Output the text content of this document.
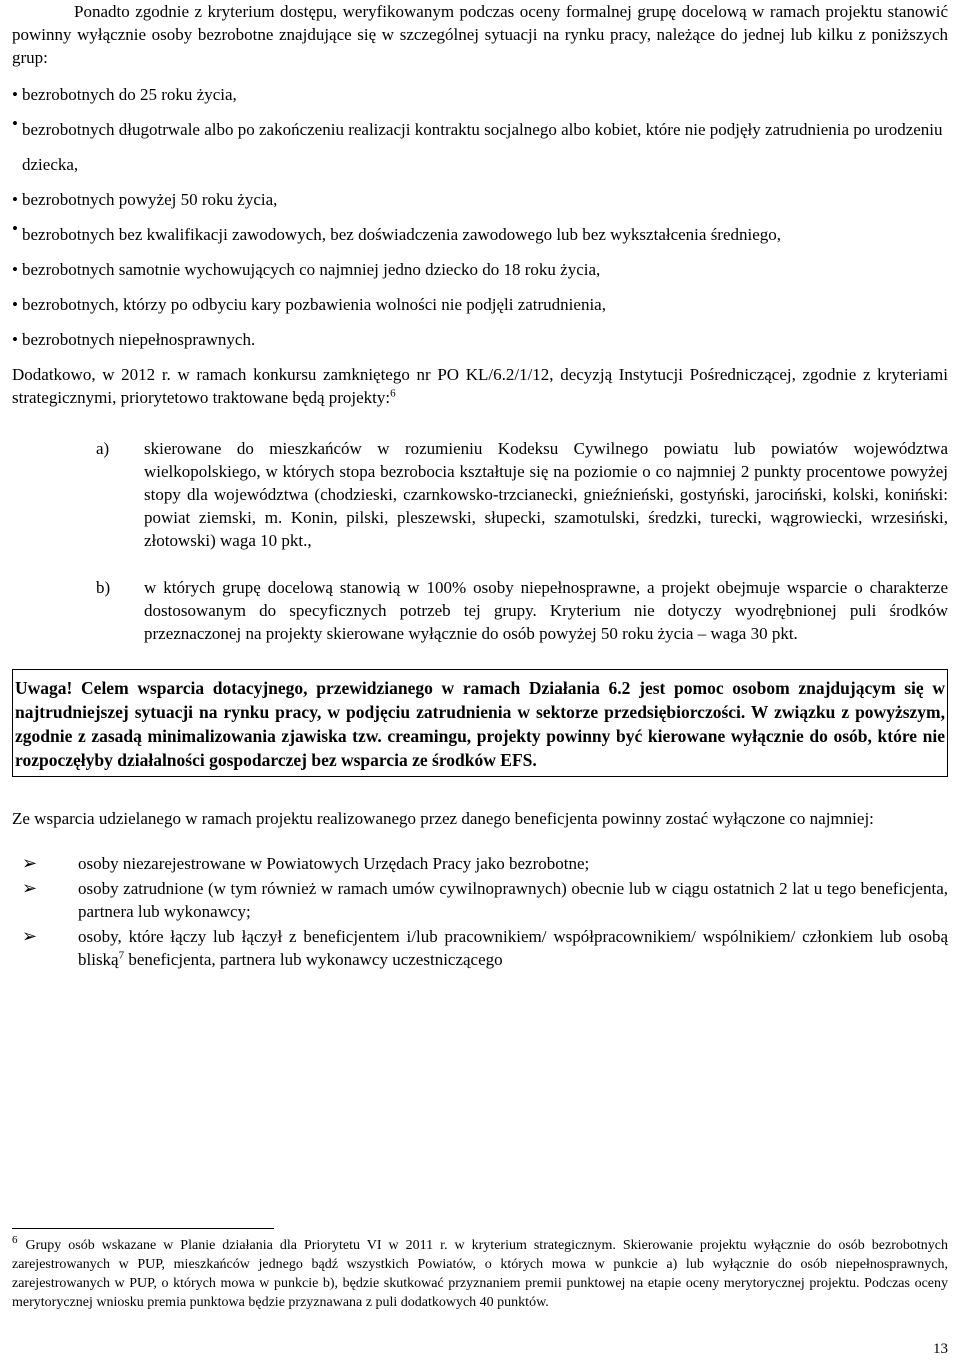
Ponadto zgodnie z kryterium dostępu, weryfikowanym podczas oceny formalnej grupę docelową w ramach projektu stanowić powinny wyłącznie osoby bezrobotne znajdujące się w szczególnej sytuacji na rynku pracy, należące do jednej lub kilku z poniższych grup:

• bezrobotnych do 25 roku życia,
• bezrobotnych długotrwale albo po zakończeniu realizacji kontraktu socjalnego albo kobiet, które nie podjęły zatrudnienia po urodzeniu dziecka,
• bezrobotnych powyżej 50 roku życia,
• bezrobotnych bez kwalifikacji zawodowych, bez doświadczenia zawodowego lub bez wykształcenia średniego,
• bezrobotnych samotnie wychowujących co najmniej jedno dziecko do 18 roku życia,
• bezrobotnych, którzy po odbyciu kary pozbawienia wolności nie podjęli zatrudnienia,
• bezrobotnych niepełnosprawnych.

Dodatkowo, w 2012 r. w ramach konkursu zamkniętego nr PO KL/6.2/1/12, decyzją Instytucji Pośredniczącej, zgodnie z kryteriami strategicznymi, priorytetowo traktowane będą projekty:$^6$

a)	skierowane do mieszkańców w rozumieniu Kodeksu Cywilnego powiatu lub powiatów województwa wielkopolskiego, w których stopa bezrobocia kształtuje się na poziomie o co najmniej 2 punkty procentowe powyżej stopy dla województwa (chodzieski, czarnkowsko-trzcianecki, gnieźnieński, gostyński, jarociński, kolski, koniński: powiat ziemski, m. Konin, pilski, pleszewski, słupecki, szamotulski, średzki, turecki, wągrowiecki, wrzesiński, złotowski) waga 10 pkt.,
b)	w których grupę docelową stanowią w 100% osoby niepełnosprawne, a projekt obejmuje wsparcie o charakterze dostosowanym do specyficznych potrzeb tej grupy. Kryterium nie dotyczy wyodrębnionej puli środków przeznaczonej na projekty skierowane wyłącznie do osób powyżej 50 roku życia – waga 30 pkt.
Uwaga! Celem wsparcia dotacyjnego, przewidzianego w ramach Działania 6.2 jest pomoc osobom znajdującym się w najtrudniejszej sytuacji na rynku pracy, w podjęciu zatrudnienia w sektorze przedsiębiorczości. W związku z powyższym, zgodnie z zasadą minimalizowania zjawiska tzw. creamingu, projekty powinny być kierowane wyłącznie do osób, które nie rozpoczęłyby działalności gospodarczej bez wsparcia ze środków EFS.

Ze wsparcia udzielanego w ramach projektu realizowanego przez danego beneficjenta powinny zostać wyłączone co najmniej:

➢	osoby niezarejestrowane w Powiatowych Urzędach Pracy jako bezrobotne;
➢	osoby zatrudnione (w tym również w ramach umów cywilnoprawnych) obecnie lub w ciągu ostatnich 2 lat u tego beneficjenta, partnera lub wykonawcy;
➢	osoby, które łączy lub łączył z beneficjentem i/lub pracownikiem/ współpracownikiem/ wspólnikiem/ członkiem lub osobą bliską$^7$ beneficjenta, partnera lub wykonawcy uczestniczącego
$^6$ Grupy osób wskazane w Planie działania dla Priorytetu VI w 2011 r. w kryterium strategicznym. Skierowanie projektu wyłącznie do osób bezrobotnych zarejestrowanych w PUP, mieszkańców jednego bądź wszystkich Powiatów, o których mowa w punkcie a) lub wyłącznie do osób niepełnosprawnych, zarejestrowanych w PUP, o których mowa w punkcie b), będzie skutkować przyznaniem premii punktowej na etapie oceny merytorycznej projektu. Podczas oceny merytorycznej wniosku premia punktowa będzie przyznawana z puli dodatkowych 40 punktów.
13
